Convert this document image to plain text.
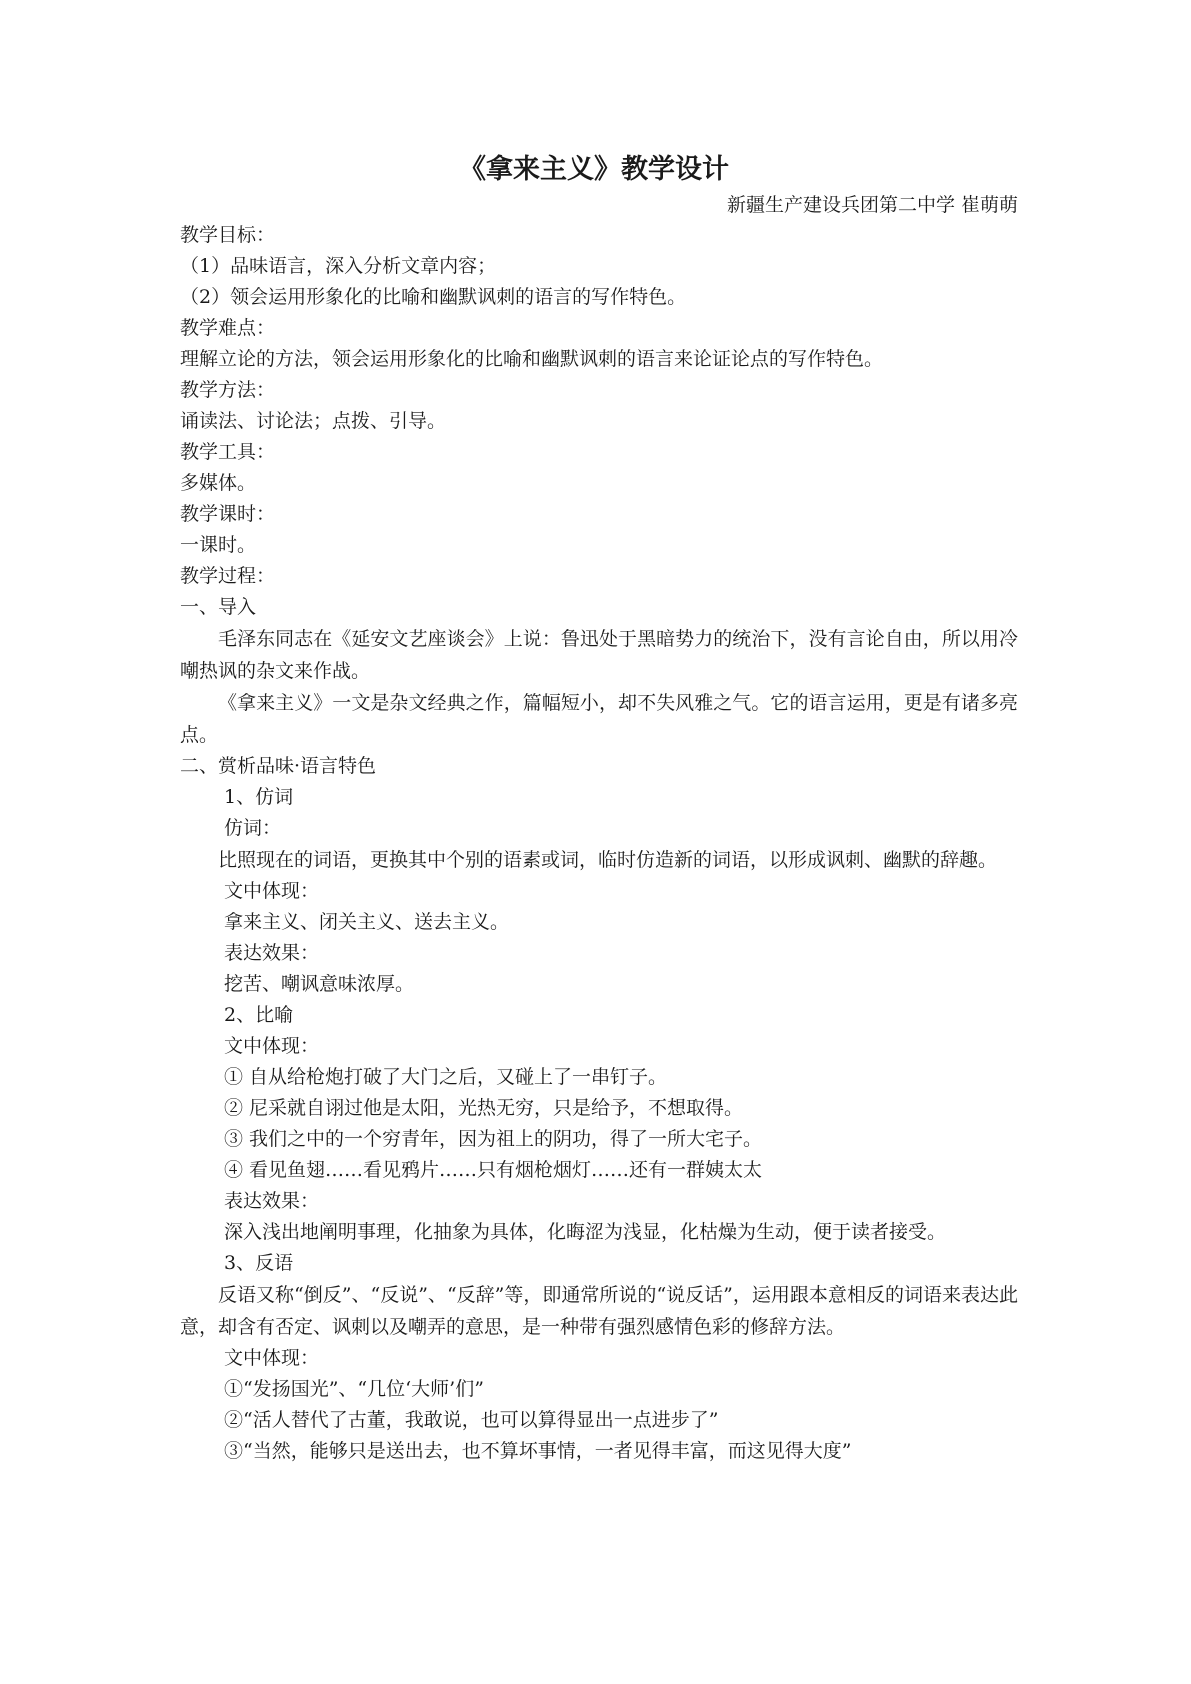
《拿来主义》教学设计
新疆生产建设兵团第二中学 崔萌萌
教学目标：
（1）品味语言，深入分析文章内容；
（2）领会运用形象化的比喻和幽默讽刺的语言的写作特色。
教学难点：
理解立论的方法，领会运用形象化的比喻和幽默讽刺的语言来论证论点的写作特色。
教学方法：
诵读法、讨论法；点拨、引导。
教学工具：
多媒体。
教学课时：
一课时。
教学过程：
一、导入
毛泽东同志在《延安文艺座谈会》上说：鲁迅处于黑暗势力的统治下，没有言论自由，所以用冷嘲热讽的杂文来作战。
《拿来主义》一文是杂文经典之作，篇幅短小，却不失风雅之气。它的语言运用，更是有诸多亮点。
二、赏析品味·语言特色
1、仿词
仿词：
比照现在的词语，更换其中个别的语素或词，临时仿造新的词语，以形成讽刺、幽默的辞趣。
文中体现：
拿来主义、闭关主义、送去主义。
表达效果：
挖苦、嘲讽意味浓厚。
2、比喻
文中体现：
① 自从给枪炮打破了大门之后，又碰上了一串钉子。
② 尼采就自诩过他是太阳，光热无穷，只是给予，不想取得。
③ 我们之中的一个穷青年，因为祖上的阴功，得了一所大宅子。
④ 看见鱼翅……看见鸦片……只有烟枪烟灯……还有一群姨太太
表达效果：
深入浅出地阐明事理，化抽象为具体，化晦涩为浅显，化枯燥为生动，便于读者接受。
3、反语
反语又称“倒反”、“反说”、“反辞”等，即通常所说的“说反话”，运用跟本意相反的词语来表达此意，却含有否定、讽刺以及嘲弄的意思，是一种带有强烈感情色彩的修辞方法。
文中体现：
①“发扬国光”、“几位‘大师’们”
②“活人替代了古董，我敢说，也可以算得显出一点进步了”
③“当然，能够只是送出去，也不算坏事情，一者见得丰富，而这见得大度”
